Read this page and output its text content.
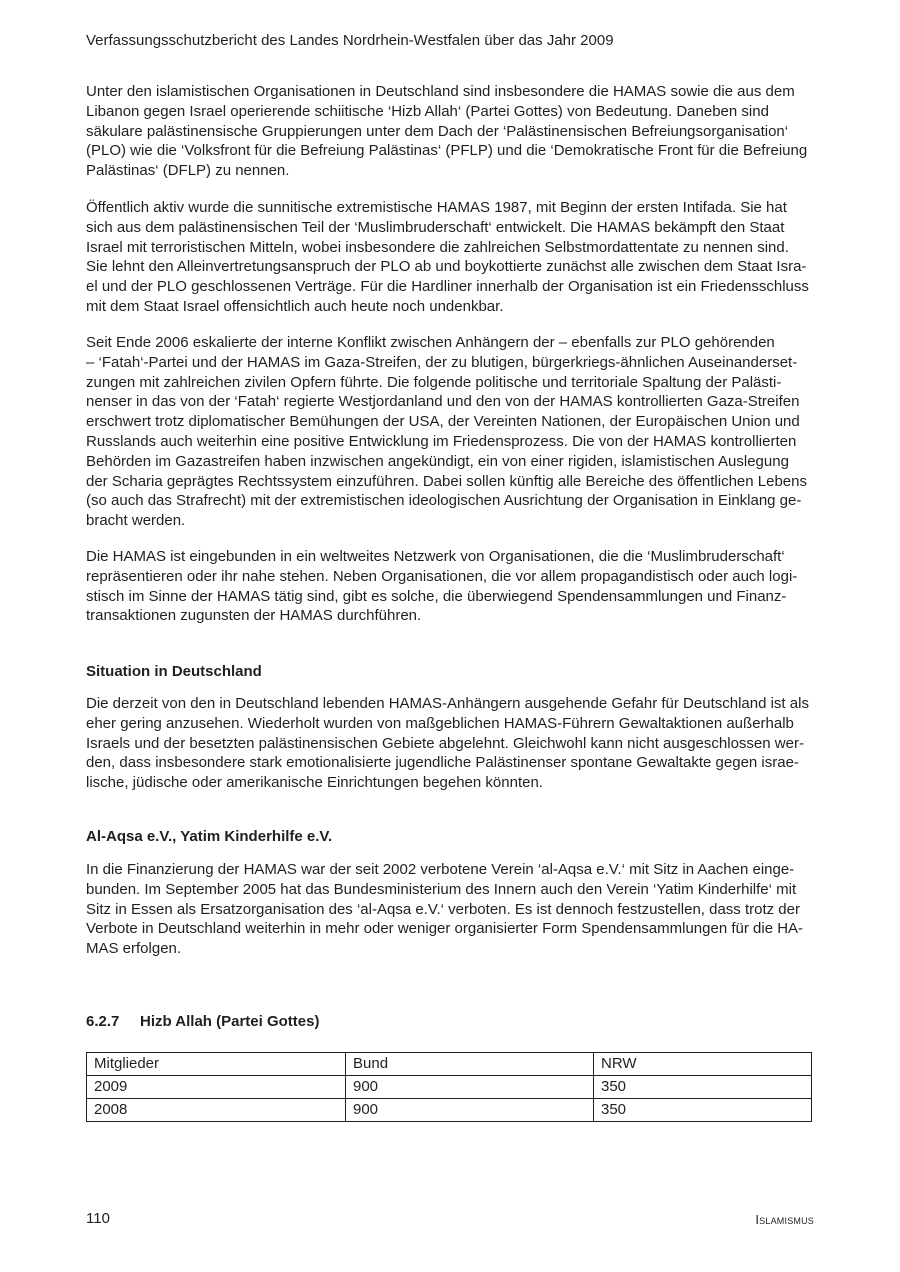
Verfassungsschutzbericht des Landes Nordrhein-Westfalen über das Jahr 2009
Unter den islamistischen Organisationen in Deutschland sind insbesondere die HAMAS sowie die aus dem
Libanon gegen Israel operierende schiitische ‘Hizb Allah‘ (Partei Gottes) von Bedeutung. Daneben sind
säkulare palästinensische Gruppierungen unter dem Dach der ‘Palästinensischen Befreiungsorganisation‘
(PLO) wie die ‘Volksfront für die Befreiung Palästinas‘ (PFLP) und die ‘Demokratische Front für die Befreiung
Palästinas‘ (DFLP) zu nennen.
Öffentlich aktiv wurde die sunnitische extremistische HAMAS 1987, mit Beginn der ersten Intifada. Sie hat
sich aus dem palästinensischen Teil der ‘Muslimbruderschaft‘ entwickelt. Die HAMAS bekämpft den Staat
Israel mit terroristischen Mitteln, wobei insbesondere die zahlreichen Selbstmordattentate zu nennen sind.
Sie lehnt den Alleinvertretungsanspruch der PLO ab und boykottierte zunächst alle zwischen dem Staat Isra-
el und der PLO geschlossenen Verträge. Für die Hardliner innerhalb der Organisation ist ein Friedensschluss
mit dem Staat Israel offensichtlich auch heute noch undenkbar.
Seit Ende 2006 eskalierte der interne Konflikt zwischen Anhängern der – ebenfalls zur PLO gehörenden
– ‘Fatah‘-Partei und der HAMAS im Gaza-Streifen, der zu blutigen, bürgerkriegs-ähnlichen Auseinanderset-
zungen mit zahlreichen zivilen Opfern führte. Die folgende politische und territoriale Spaltung der Palästi-
nenser in das von der ‘Fatah‘ regierte Westjordanland und den von der HAMAS kontrollierten Gaza-Streifen
erschwert trotz diplomatischer Bemühungen der USA, der Vereinten Nationen, der Europäischen Union und
Russlands auch weiterhin eine positive Entwicklung im Friedensprozess. Die von der HAMAS kontrollierten
Behörden im Gazastreifen haben inzwischen angekündigt, ein von einer rigiden, islamistischen Auslegung
der Scharia geprägtes Rechtssystem einzuführen. Dabei sollen künftig alle Bereiche des öffentlichen Lebens
(so auch das Strafrecht) mit der extremistischen ideologischen Ausrichtung der Organisation in Einklang ge-
bracht werden.
Die HAMAS ist eingebunden in ein weltweites Netzwerk von Organisationen, die die ‘Muslimbruderschaft‘
repräsentieren oder ihr nahe stehen. Neben Organisationen, die vor allem propagandistisch oder auch logi-
stisch im Sinne der HAMAS tätig sind, gibt es solche, die überwiegend Spendensammlungen und Finanz-
transaktionen zugunsten der HAMAS durchführen.
Situation in Deutschland
Die derzeit von den in Deutschland lebenden HAMAS-Anhängern ausgehende Gefahr für Deutschland ist als
eher gering anzusehen. Wiederholt wurden von maßgeblichen HAMAS-Führern Gewaltaktionen außerhalb
Israels und der besetzten palästinensischen Gebiete abgelehnt. Gleichwohl kann nicht ausgeschlossen wer-
den, dass insbesondere stark emotionalisierte jugendliche Palästinenser spontane Gewaltakte gegen israe-
lische, jüdische oder amerikanische Einrichtungen begehen könnten.
Al-Aqsa e.V., Yatim Kinderhilfe e.V.
In die Finanzierung der HAMAS war der seit 2002 verbotene Verein ‘al-Aqsa e.V.‘ mit Sitz in Aachen einge-
bunden. Im September 2005 hat das Bundesministerium des Innern auch den Verein ‘Yatim Kinderhilfe‘ mit
Sitz in Essen als Ersatzorganisation des ‘al-Aqsa e.V.‘ verboten. Es ist dennoch festzustellen, dass trotz der
Verbote in Deutschland weiterhin in mehr oder weniger organisierter Form Spendensammlungen für die HA-
MAS erfolgen.
6.2.7 Hizb Allah (Partei Gottes)
Mitglieder	Bund	NRW
2009	900	350
2008	900	350
110	Islamismus
